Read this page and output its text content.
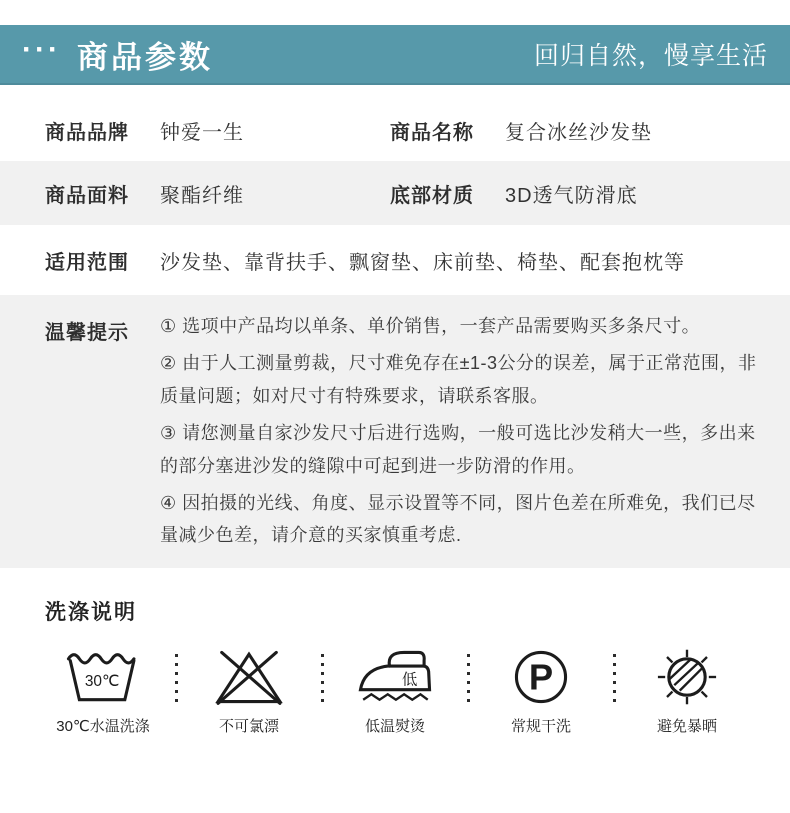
··· 商品参数	回归自然，慢享生活
商品品牌	钟爱一生	商品名称	复合冰丝沙发垫
商品面料	聚酯纤维	底部材质	3D透气防滑底
适用范围	沙发垫、靠背扶手、飘窗垫、床前垫、椅垫、配套抱枕等
温馨提示	① 选项中产品均以单条、单价销售，一套产品需要购买多条尺寸。

② 由于人工测量剪裁，尺寸难免存在±1-3公分的误差，属于正常范围，非质量问题；如对尺寸有特殊要求，请联系客服。

③ 请您测量自家沙发尺寸后进行选购，一般可选比沙发稍大一些，多出来的部分塞进沙发的缝隙中可起到进一步防滑的作用。

④ 因拍摄的光线、角度、显示设置等不同，图片色差在所难免，我们已尽量减少色差，请介意的买家慎重考虑.

洗涤说明
30℃
30℃水温洗涤	不可氯漂
低
低温熨烫
P
常规干洗	避免暴晒
